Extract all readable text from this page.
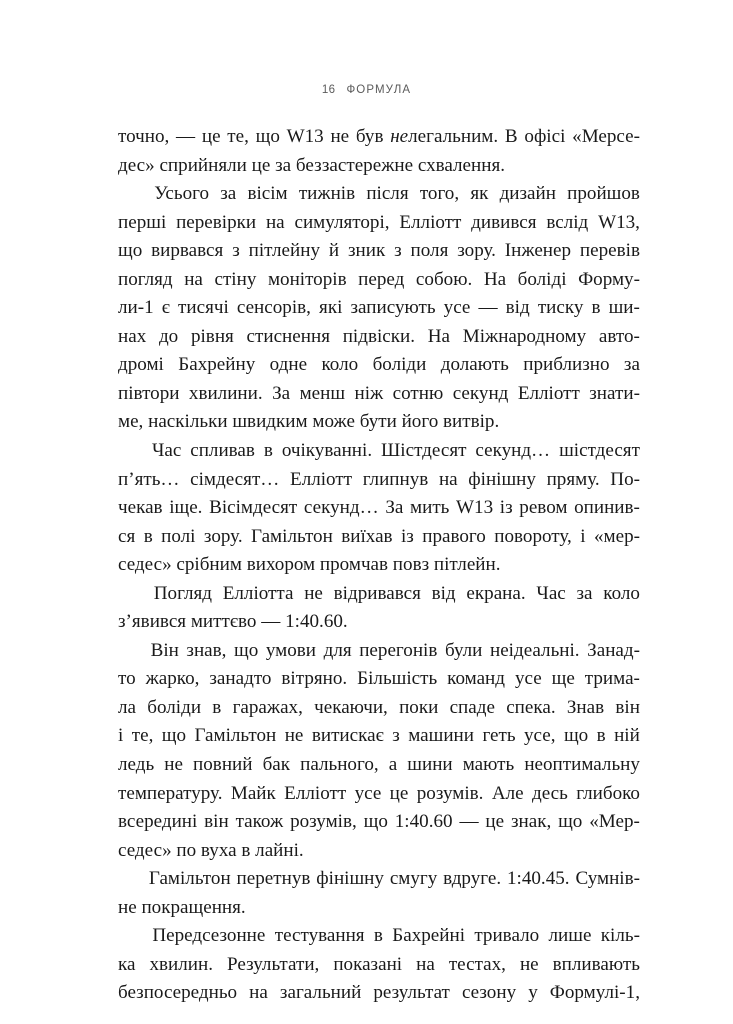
16 ФОРМУЛА

точно, — це те, що W13 не був нелегальним. В офісі «Мерсе-
дес» сприйняли це за беззастережне схвалення.

Усього за вісім тижнів після того, як дизайн пройшов
перші перевірки на симуляторі, Елліотт дивився вслід W13,
що вирвався з пітлейну й зник з поля зору. Інженер перевів
погляд на стіну моніторів перед собою. На боліді Форму-
ли-1 є тисячі сенсорів, які записують усе — від тиску в ши-
нах до рівня стиснення підвіски. На Міжнародному авто-
дромі Бахрейну одне коло боліди долають приблизно за
півтори хвилини. За менш ніж сотню секунд Елліотт знати-
ме, наскільки швидким може бути його витвір.

Час спливав в очікуванні. Шістдесят секунд… шістдесят
п’ять… сімдесят… Елліотт глипнув на фінішну пряму. По-
чекав іще. Вісімдесят секунд… За мить W13 із ревом опинив-
ся в полі зору. Гамільтон виїхав із правого повороту, і «мер-
седес» срібним вихором промчав повз пітлейн.

Погляд Елліотта не відривався від екрана. Час за коло
з’явився миттєво — 1:40.60.

Він знав, що умови для перегонів були неідеальні. Занад-
то жарко, занадто вітряно. Більшість команд усе ще трима-
ла боліди в гаражах, чекаючи, поки спаде спека. Знав він
і те, що Гамільтон не витискає з машини геть усе, що в ній
ледь не повний бак пального, а шини мають неоптимальну
температуру. Майк Елліотт усе це розумів. Але десь глибоко
всередині він також розумів, що 1:40.60 — це знак, що «Мер-
седес» по вуха в лайні.

Гамільтон перетнув фінішну смугу вдруге. 1:40.45. Сумнів-
не покращення.

Передсезонне тестування в Бахрейні тривало лише кіль-
ка хвилин. Результати, показані на тестах, не впливають
безпосередньо на загальний результат сезону у Формулі-1,
